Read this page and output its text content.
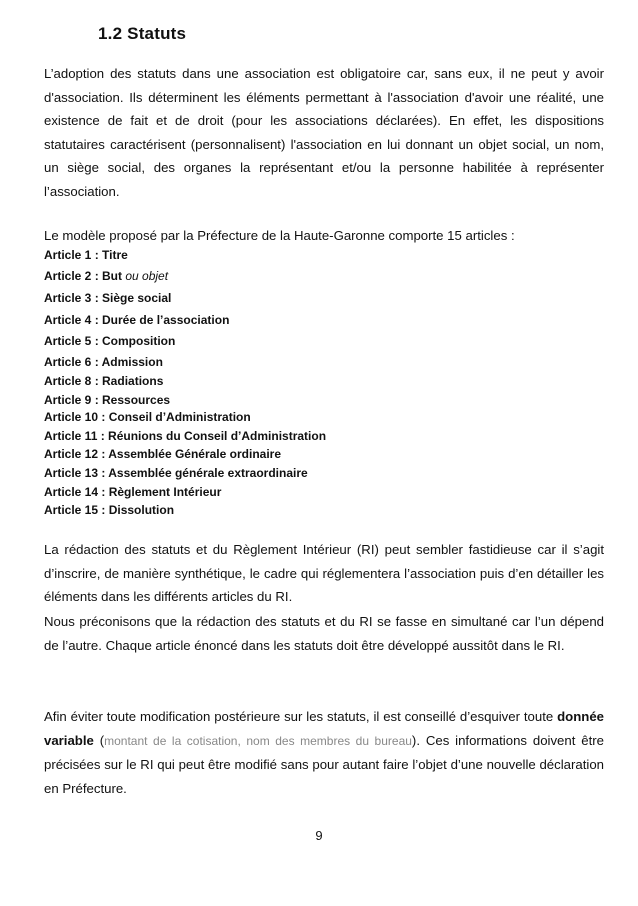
1.2 Statuts
L’adoption des statuts dans une association est obligatoire car, sans eux, il ne peut y avoir d'association. Ils déterminent les éléments permettant à l'association d'avoir une réalité, une existence de fait et de droit (pour les associations déclarées). En effet, les dispositions statutaires caractérisent (personnalisent) l'association en lui donnant un objet social, un nom, un siège social, des organes la représentant et/ou la personne habilitée à représenter l’association.
Le modèle proposé par la Préfecture de la Haute-Garonne comporte 15 articles :
Article 1 : Titre
Article 2 : But ou objet
Article 3 : Siège social
Article 4 : Durée de l’association
Article 5 : Composition
Article 6 : Admission
Article 8 : Radiations
Article 9 : Ressources
Article 10 : Conseil d’Administration
Article 11 : Réunions du Conseil d’Administration
Article 12 : Assemblée Générale ordinaire
Article 13 : Assemblée générale extraordinaire
Article 14 : Règlement Intérieur
Article 15 : Dissolution
La rédaction des statuts et du Règlement Intérieur (RI) peut sembler fastidieuse car il s’agit d’inscrire, de manière synthétique, le cadre qui réglementera l’association puis d’en détailler les éléments dans les différents articles du RI.
Nous préconisons que la rédaction des statuts et du RI se fasse en simultané car l’un dépend de l’autre. Chaque article énoncé dans les statuts doit être développé aussitôt dans le RI.
Afin éviter toute modification postérieure sur les statuts, il est conseillé d’esquiver toute donnée variable (montant de la cotisation, nom des membres du bureau). Ces informations doivent être précisées sur le RI qui peut être modifié sans pour autant faire l’objet d’une nouvelle déclaration en Préfecture.
9
